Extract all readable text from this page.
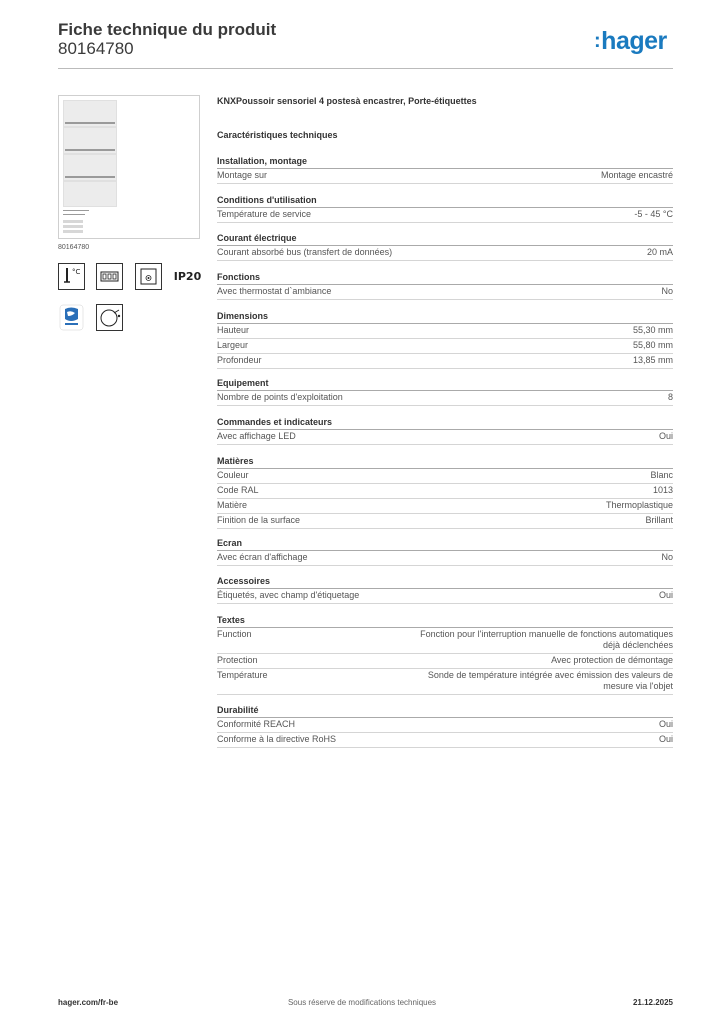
Fiche technique du produit
80164780	:hager
80164780
°C	IP20
KNXPoussoir sensoriel 4 postesà encastrer, Porte-étiquettes
Caractéristiques techniques
Installation, montage
Montage sur	Montage encastré
Conditions d'utilisation
Température de service	-5 - 45 °C
Courant électrique
Courant absorbé bus (transfert de données)	20 mA
Fonctions
Avec thermostat d`ambiance	No
Dimensions
Hauteur	55,30 mm
Largeur	55,80 mm
Profondeur	13,85 mm
Equipement
Nombre de points d'exploitation	8
Commandes et indicateurs
Avec affichage LED	Oui
Matières
Couleur	Blanc
Code RAL	1013
Matière	Thermoplastique
Finition de la surface	Brillant
Ecran
Avec écran d'affichage	No
Accessoires
Étiquetés, avec champ d'étiquetage	Oui
Textes
Function	Fonction pour l'interruption manuelle de fonctions automatiques déjà déclenchées
Protection	Avec protection de démontage
Température	Sonde de température intégrée avec émission des valeurs de mesure via l'objet
Durabilité
Conformité REACH	Oui
Conforme à la directive RoHS	Oui
hager.com/fr-be	Sous réserve de modifications techniques	21.12.2025
